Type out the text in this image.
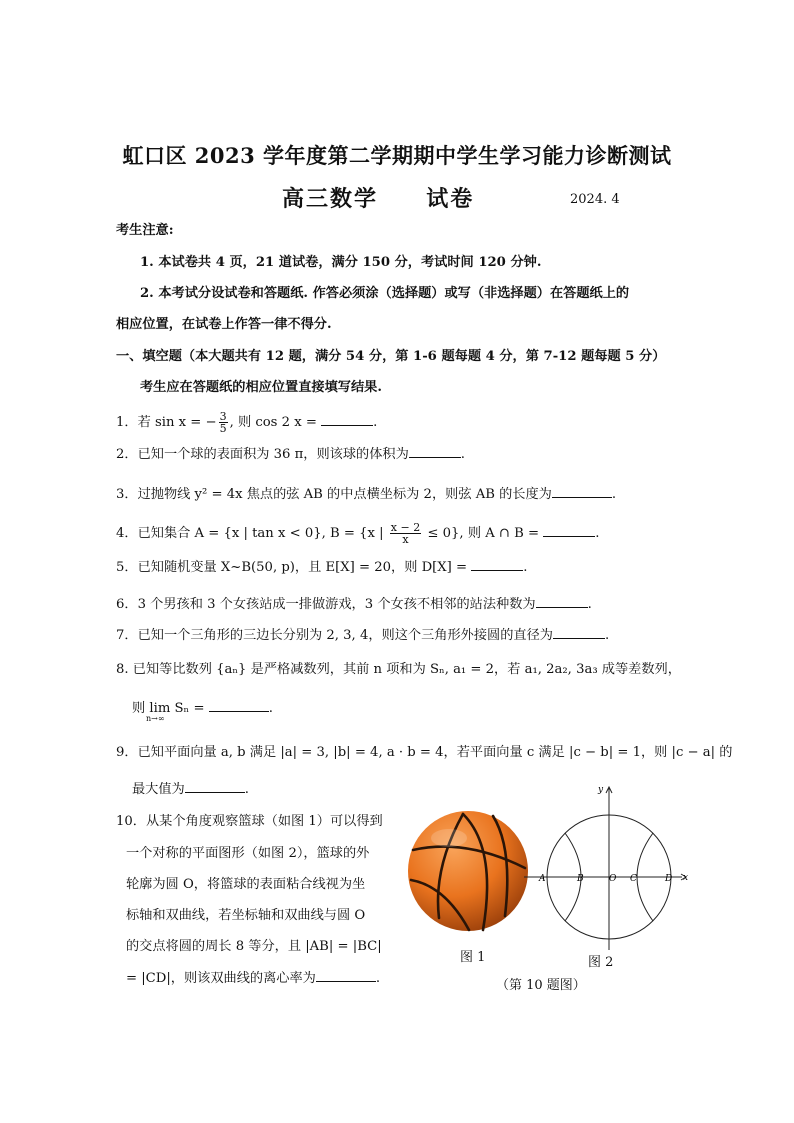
虹口区 2023 学年度第二学期期中学生学习能力诊断测试
高三数学     试卷	2024. 4
考生注意:
1. 本试卷共 4 页，21 道试卷，满分 150 分，考试时间 120 分钟.
2. 本考试分设试卷和答题纸. 作答必须涂（选择题）或写（非选择题）在答题纸上的
相应位置，在试卷上作答一律不得分.
一、填空题（本大题共有 12 题，满分 54 分，第 1-6 题每题 4 分，第 7-12 题每题 5 分）
考生应在答题纸的相应位置直接填写结果.
1．若 sin x = − $\frac{3}{5}$ , 则 cos 2 x =	.
2．已知一个球的表面积为 36 π，则该球的体积为	.
3．过抛物线 y² = 4x 焦点的弦 AB 的中点横坐标为 2，则弦 AB 的长度为	.
4．已知集合 A = {x | tan x < 0}, B = {x | $\frac{x - 2}{x} \le 0$}, 则 A ∩ B =	.
5．已知随机变量 X~B(50, p)，且 E[X] = 20，则 D[X] =	.
6．3 个男孩和 3 个女孩站成一排做游戏，3 个女孩不相邻的站法种数为	.
7．已知一个三角形的三边长分别为 2, 3, 4，则这个三角形外接圆的直径为	.
8. 已知等比数列 {aₙ} 是严格减数列，其前 n 项和为 Sₙ, a₁ = 2，若 a₁, 2a₂, 3a₃ 成等差数列，
则 lim Sₙ =	.
n→∞
9．已知平面向量 a, b 满足 |a| = 3, |b| = 4, a · b = 4，若平面向量 c 满足 |c − b| = 1，则 |c − a| 的
最大值为	.
10．从某个角度观察篮球（如图 1）可以得到
一个对称的平面图形（如图 2），篮球的外
轮廓为圆 O，将篮球的表面粘合线视为坐
标轴和双曲线，若坐标轴和双曲线与圆 O
的交点将圆的周长 8 等分，且 |AB| = |BC|
= |CD|，则该双曲线的离心率为	.
y
x
A	B	O C	D
图 1	图 2
（第 10 题图）
